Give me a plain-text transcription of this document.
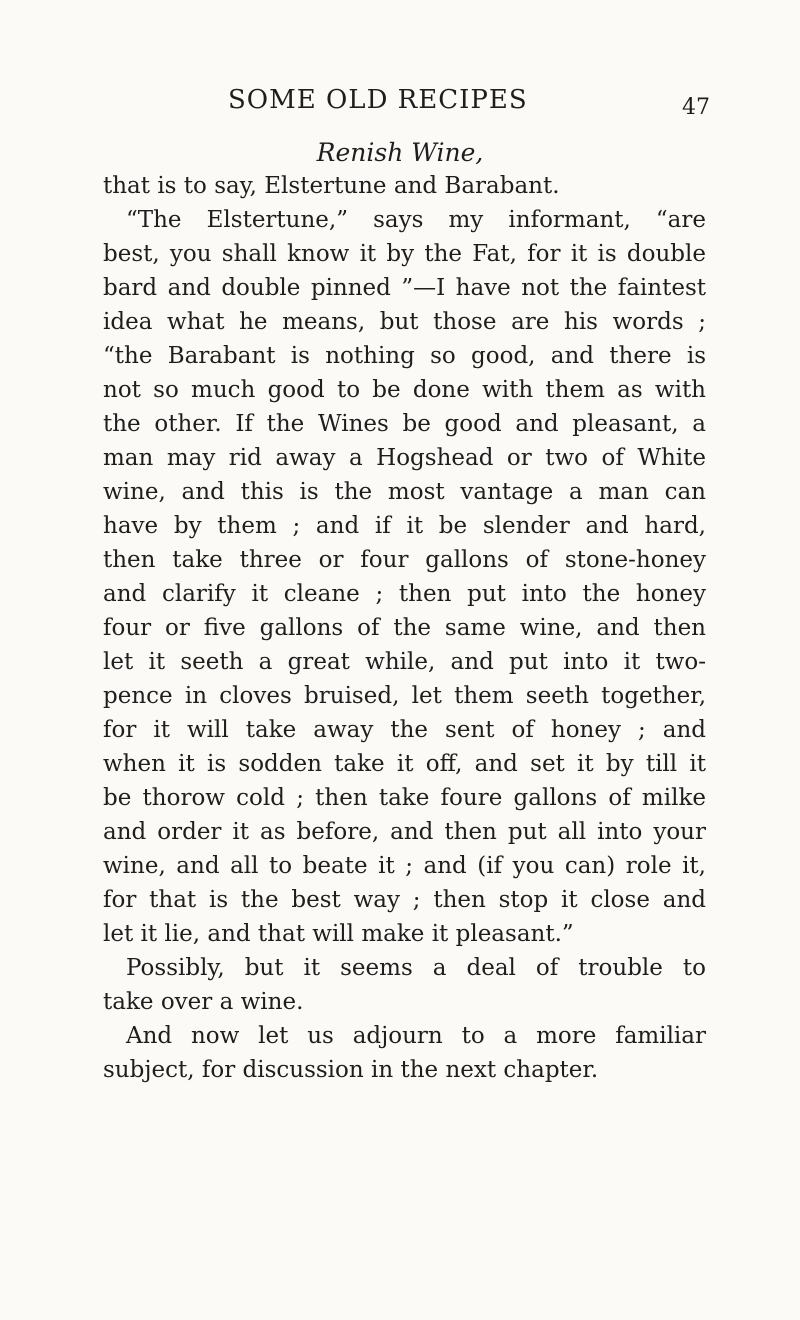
SOME OLD RECIPES	47
Renish Wine,
that is to say, Elstertune and Barabant.
“The Elstertune,” says my informant, “are
best, you shall know it by the Fat, for it is double
bard and double pinned ”—I have not the faintest
idea what he means, but those are his words ;
“the Barabant is nothing so good, and there is
not so much good to be done with them as with
the other. If the Wines be good and pleasant, a
man may rid away a Hogshead or two of White
wine, and this is the most vantage a man can
have by them ; and if it be slender and hard,
then take three or four gallons of stone-honey
and clarify it cleane ; then put into the honey
four or five gallons of the same wine, and then
let it seeth a great while, and put into it two-
pence in cloves bruised, let them seeth together,
for it will take away the sent of honey ; and
when it is sodden take it off, and set it by till it
be thorow cold ; then take foure gallons of milke
and order it as before, and then put all into your
wine, and all to beate it ; and (if you can) role it,
for that is the best way ; then stop it close and
let it lie, and that will make it pleasant.”
Possibly, but it seems a deal of trouble to
take over a wine.
And now let us adjourn to a more familiar
subject, for discussion in the next chapter.
